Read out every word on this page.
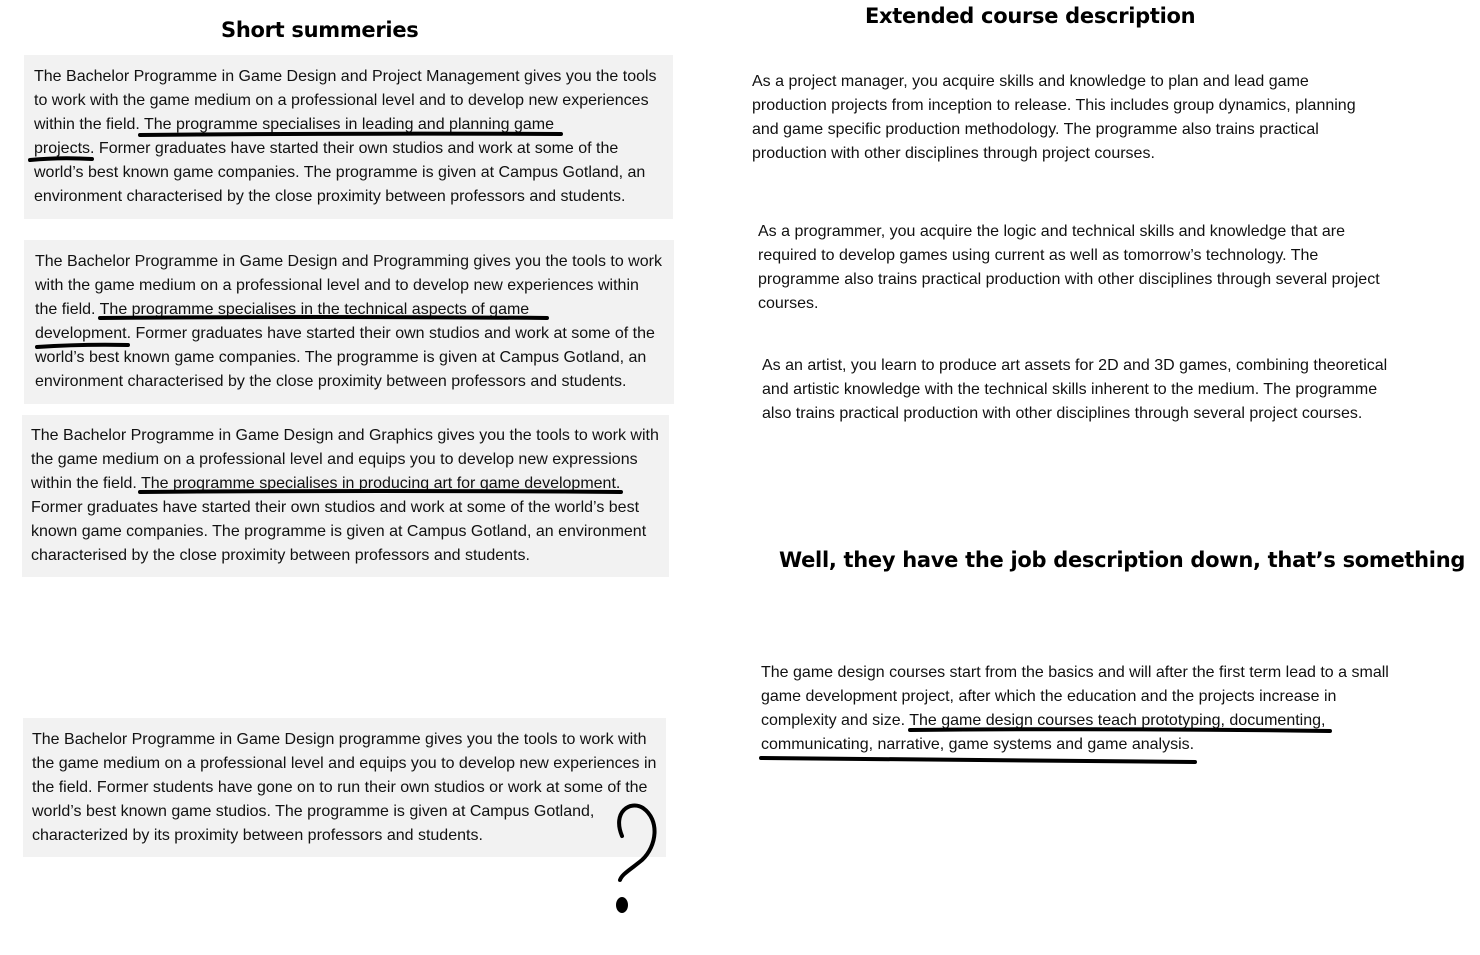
Short summeries
Extended course description
Well, they have the job description down, that’s something
The Bachelor Programme in Game Design and Project Management gives you the tools
to work with the game medium on a professional level and to develop new experiences
within the field. The programme specialises in leading and planning game
projects. Former graduates have started their own studios and work at some of the
world’s best known game companies. The programme is given at Campus Gotland, an
environment characterised by the close proximity between professors and students.
The Bachelor Programme in Game Design and Programming gives you the tools to work
with the game medium on a professional level and to develop new experiences within
the field. The programme specialises in the technical aspects of game
development. Former graduates have started their own studios and work at some of the
world’s best known game companies. The programme is given at Campus Gotland, an
environment characterised by the close proximity between professors and students.
The Bachelor Programme in Game Design and Graphics gives you the tools to work with
the game medium on a professional level and equips you to develop new expressions
within the field. The programme specialises in producing art for game development.
Former graduates have started their own studios and work at some of the world’s best
known game companies. The programme is given at Campus Gotland, an environment
characterised by the close proximity between professors and students.
The Bachelor Programme in Game Design programme gives you the tools to work with
the game medium on a professional level and equips you to develop new experiences in
the field. Former students have gone on to run their own studios or work at some of the
world’s best known game studios. The programme is given at Campus Gotland,
characterized by its proximity between professors and students.
As a project manager, you acquire skills and knowledge to plan and lead game
production projects from inception to release. This includes group dynamics, planning
and game specific production methodology. The programme also trains practical
production with other disciplines through project courses.
As a programmer, you acquire the logic and technical skills and knowledge that are
required to develop games using current as well as tomorrow’s technology. The
programme also trains practical production with other disciplines through several project
courses.
As an artist, you learn to produce art assets for 2D and 3D games, combining theoretical
and artistic knowledge with the technical skills inherent to the medium. The programme
also trains practical production with other disciplines through several project courses.
The game design courses start from the basics and will after the first term lead to a small
game development project, after which the education and the projects increase in
complexity and size. The game design courses teach prototyping, documenting,
communicating, narrative, game systems and game analysis.
